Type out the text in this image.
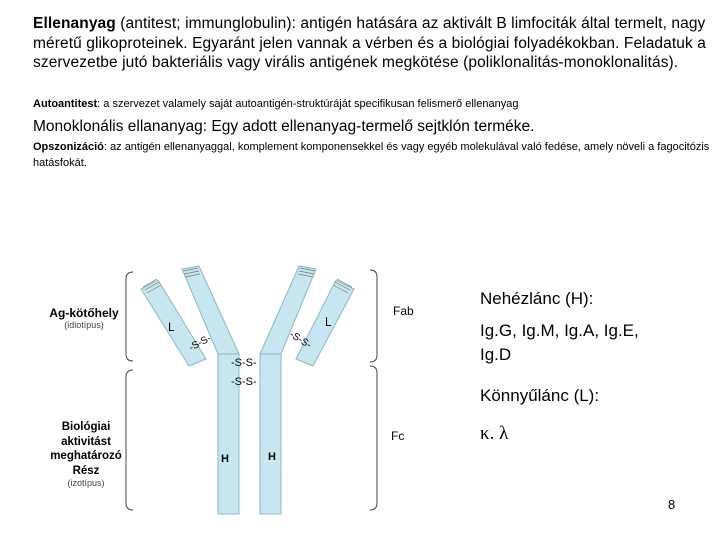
Ellenanyag (antitest; immunglobulin): antigén hatására az aktivált B limfociták által termelt, nagy méretű glikoproteinek. Egyaránt jelen vannak a vérben és a biológiai folyadékokban. Feladatuk a szervezetbe jutó bakteriális vagy virális antigének megkötése (poliklonalitás-monoklonalitás).

Autoantitest: a szervezet valamely saját autoantigén-struktúráját specifikusan felismerő ellenanyag

Monoklonális ellananyag: Egy adott ellenanyag-termelő sejtklón terméke.

Opszonizáció: az antigén ellenanyaggal, komplement komponensekkel és vagy egyéb molekulával való fedése, amely növeli a fagocitózis hatásfokát.

L	L
-S-S-	-S-S-
-S-S-
-S-S-
H	H
Fab
Fc

Ag-kötőhely

(idiotípus)

Biológiai aktivitást meghatározó Rész

(izotípus)

Nehézlánc (H):

Ig.G, Ig.M, Ig.A, Ig.E, Ig.D

Könnyűlánc (L):

κ. λ

8
